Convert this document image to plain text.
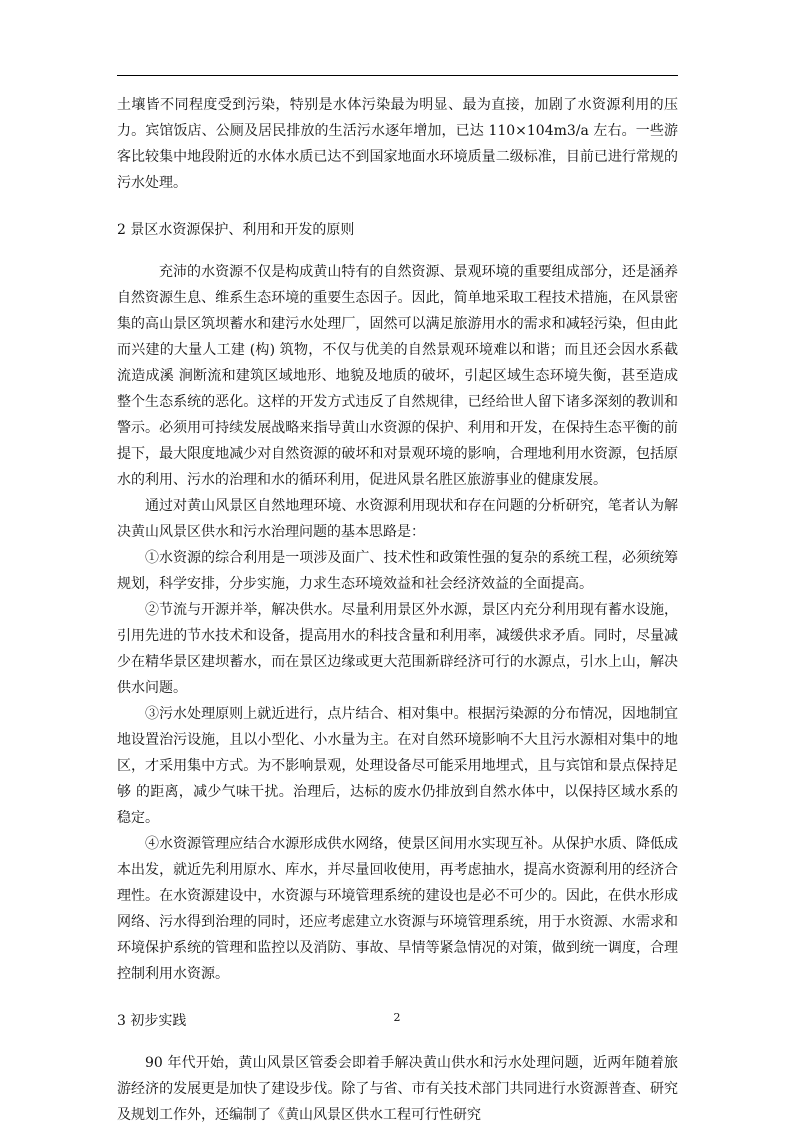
土壤皆不同程度受到污染，特别是水体污染最为明显、最为直接，加剧了水资源利用的压力。宾馆饭店、公厕及居民排放的生活污水逐年增加，已达 110×104m3/a 左右。一些游客比较集中地段附近的水体水质已达不到国家地面水环境质量二级标准，目前已进行常规的污水处理。

2 景区水资源保护、利用和开发的原则

充沛的水资源不仅是构成黄山特有的自然资源、景观环境的重要组成部分，还是涵养自然资源生息、维系生态环境的重要生态因子。因此，简单地采取工程技术措施，在风景密集的高山景区筑坝蓄水和建污水处理厂，固然可以满足旅游用水的需求和减轻污染，但由此而兴建的大量人工建 (构) 筑物，不仅与优美的自然景观环境难以和谐；而且还会因水系截流造成溪 涧断流和建筑区域地形、地貌及地质的破坏，引起区域生态环境失衡，甚至造成整个生态系统的恶化。这样的开发方式违反了自然规律，已经给世人留下诸多深刻的教训和警示。必须用可持续发展战略来指导黄山水资源的保护、利用和开发，在保持生态平衡的前提下，最大限度地减少对自然资源的破坏和对景观环境的影响，合理地利用水资源，包括原水的利用、污水的治理和水的循环利用，促进风景名胜区旅游事业的健康发展。

通过对黄山风景区自然地理环境、水资源利用现状和存在问题的分析研究，笔者认为解决黄山风景区供水和污水治理问题的基本思路是：

①水资源的综合利用是一项涉及面广、技术性和政策性强的复杂的系统工程，必须统筹规划，科学安排，分步实施，力求生态环境效益和社会经济效益的全面提高。

②节流与开源并举，解决供水。尽量利用景区外水源，景区内充分利用现有蓄水设施，引用先进的节水技术和设备，提高用水的科技含量和利用率，减缓供求矛盾。同时，尽量减少在精华景区建坝蓄水，而在景区边缘或更大范围新辟经济可行的水源点，引水上山，解决供水问题。

③污水处理原则上就近进行，点片结合、相对集中。根据污染源的分布情况，因地制宜地设置治污设施，且以小型化、小水量为主。在对自然环境影响不大且污水源相对集中的地区，才采用集中方式。为不影响景观，处理设备尽可能采用地埋式，且与宾馆和景点保持足够 的距离，减少气味干扰。治理后，达标的废水仍排放到自然水体中，以保持区域水系的稳定。

④水资源管理应结合水源形成供水网络，使景区间用水实现互补。从保护水质、降低成本出发，就近先利用原水、库水，并尽量回收使用，再考虑抽水，提高水资源利用的经济合 理性。在水资源建设中，水资源与环境管理系统的建设也是必不可少的。因此，在供水形成网络、污水得到治理的同时，还应考虑建立水资源与环境管理系统，用于水资源、水需求和环境保护系统的管理和监控以及消防、事故、旱情等紧急情况的对策，做到统一调度，合理控制利用水资源。

3 初步实践

90 年代开始，黄山风景区管委会即着手解决黄山供水和污水处理问题，近两年随着旅游经济的发展更是加快了建设步伐。除了与省、市有关技术部门共同进行水资源普查、研究及规划工作外，还编制了《黄山风景区供水工程可行性研究

2
